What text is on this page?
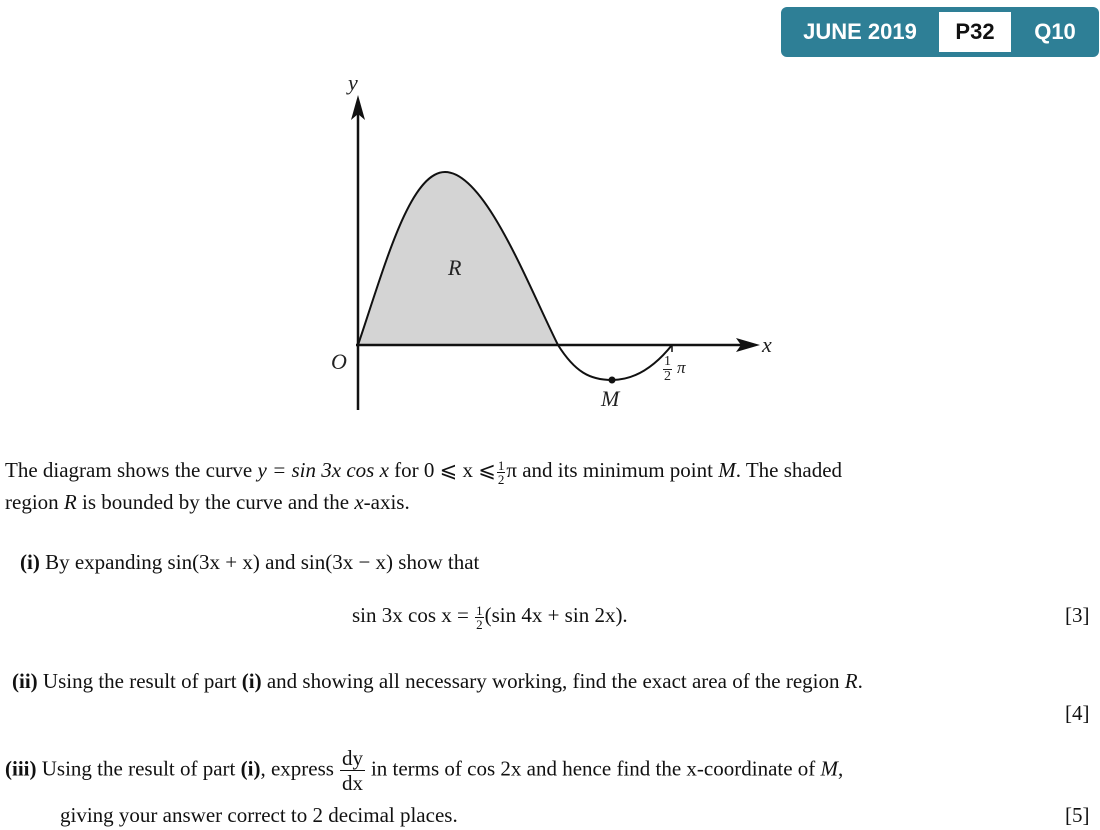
JUNE 2019	P32	Q10
y
x
O
R
M
$\frac{1}{2}$ π
The diagram shows the curve y = sin 3x cos x for 0 ⩽ x ⩽ $\frac{1}{2}$ π and its minimum point M. The shaded
region R is bounded by the curve and the x-axis.
(i) By expanding sin(3x + x) and sin(3x − x) show that
sin 3x $\cos x = \frac{1}{2} (\sin$ 4x + sin 2x).	[3]
(ii) Using the result of part (i) and showing all necessary working, find the exact area of the region R.
[4]
(iii) Using the result of part (i), express $\frac{dy}{dx}$ in terms of cos 2x and hence find the x-coordinate of M,
giving your answer correct to 2 decimal places.	[5]
